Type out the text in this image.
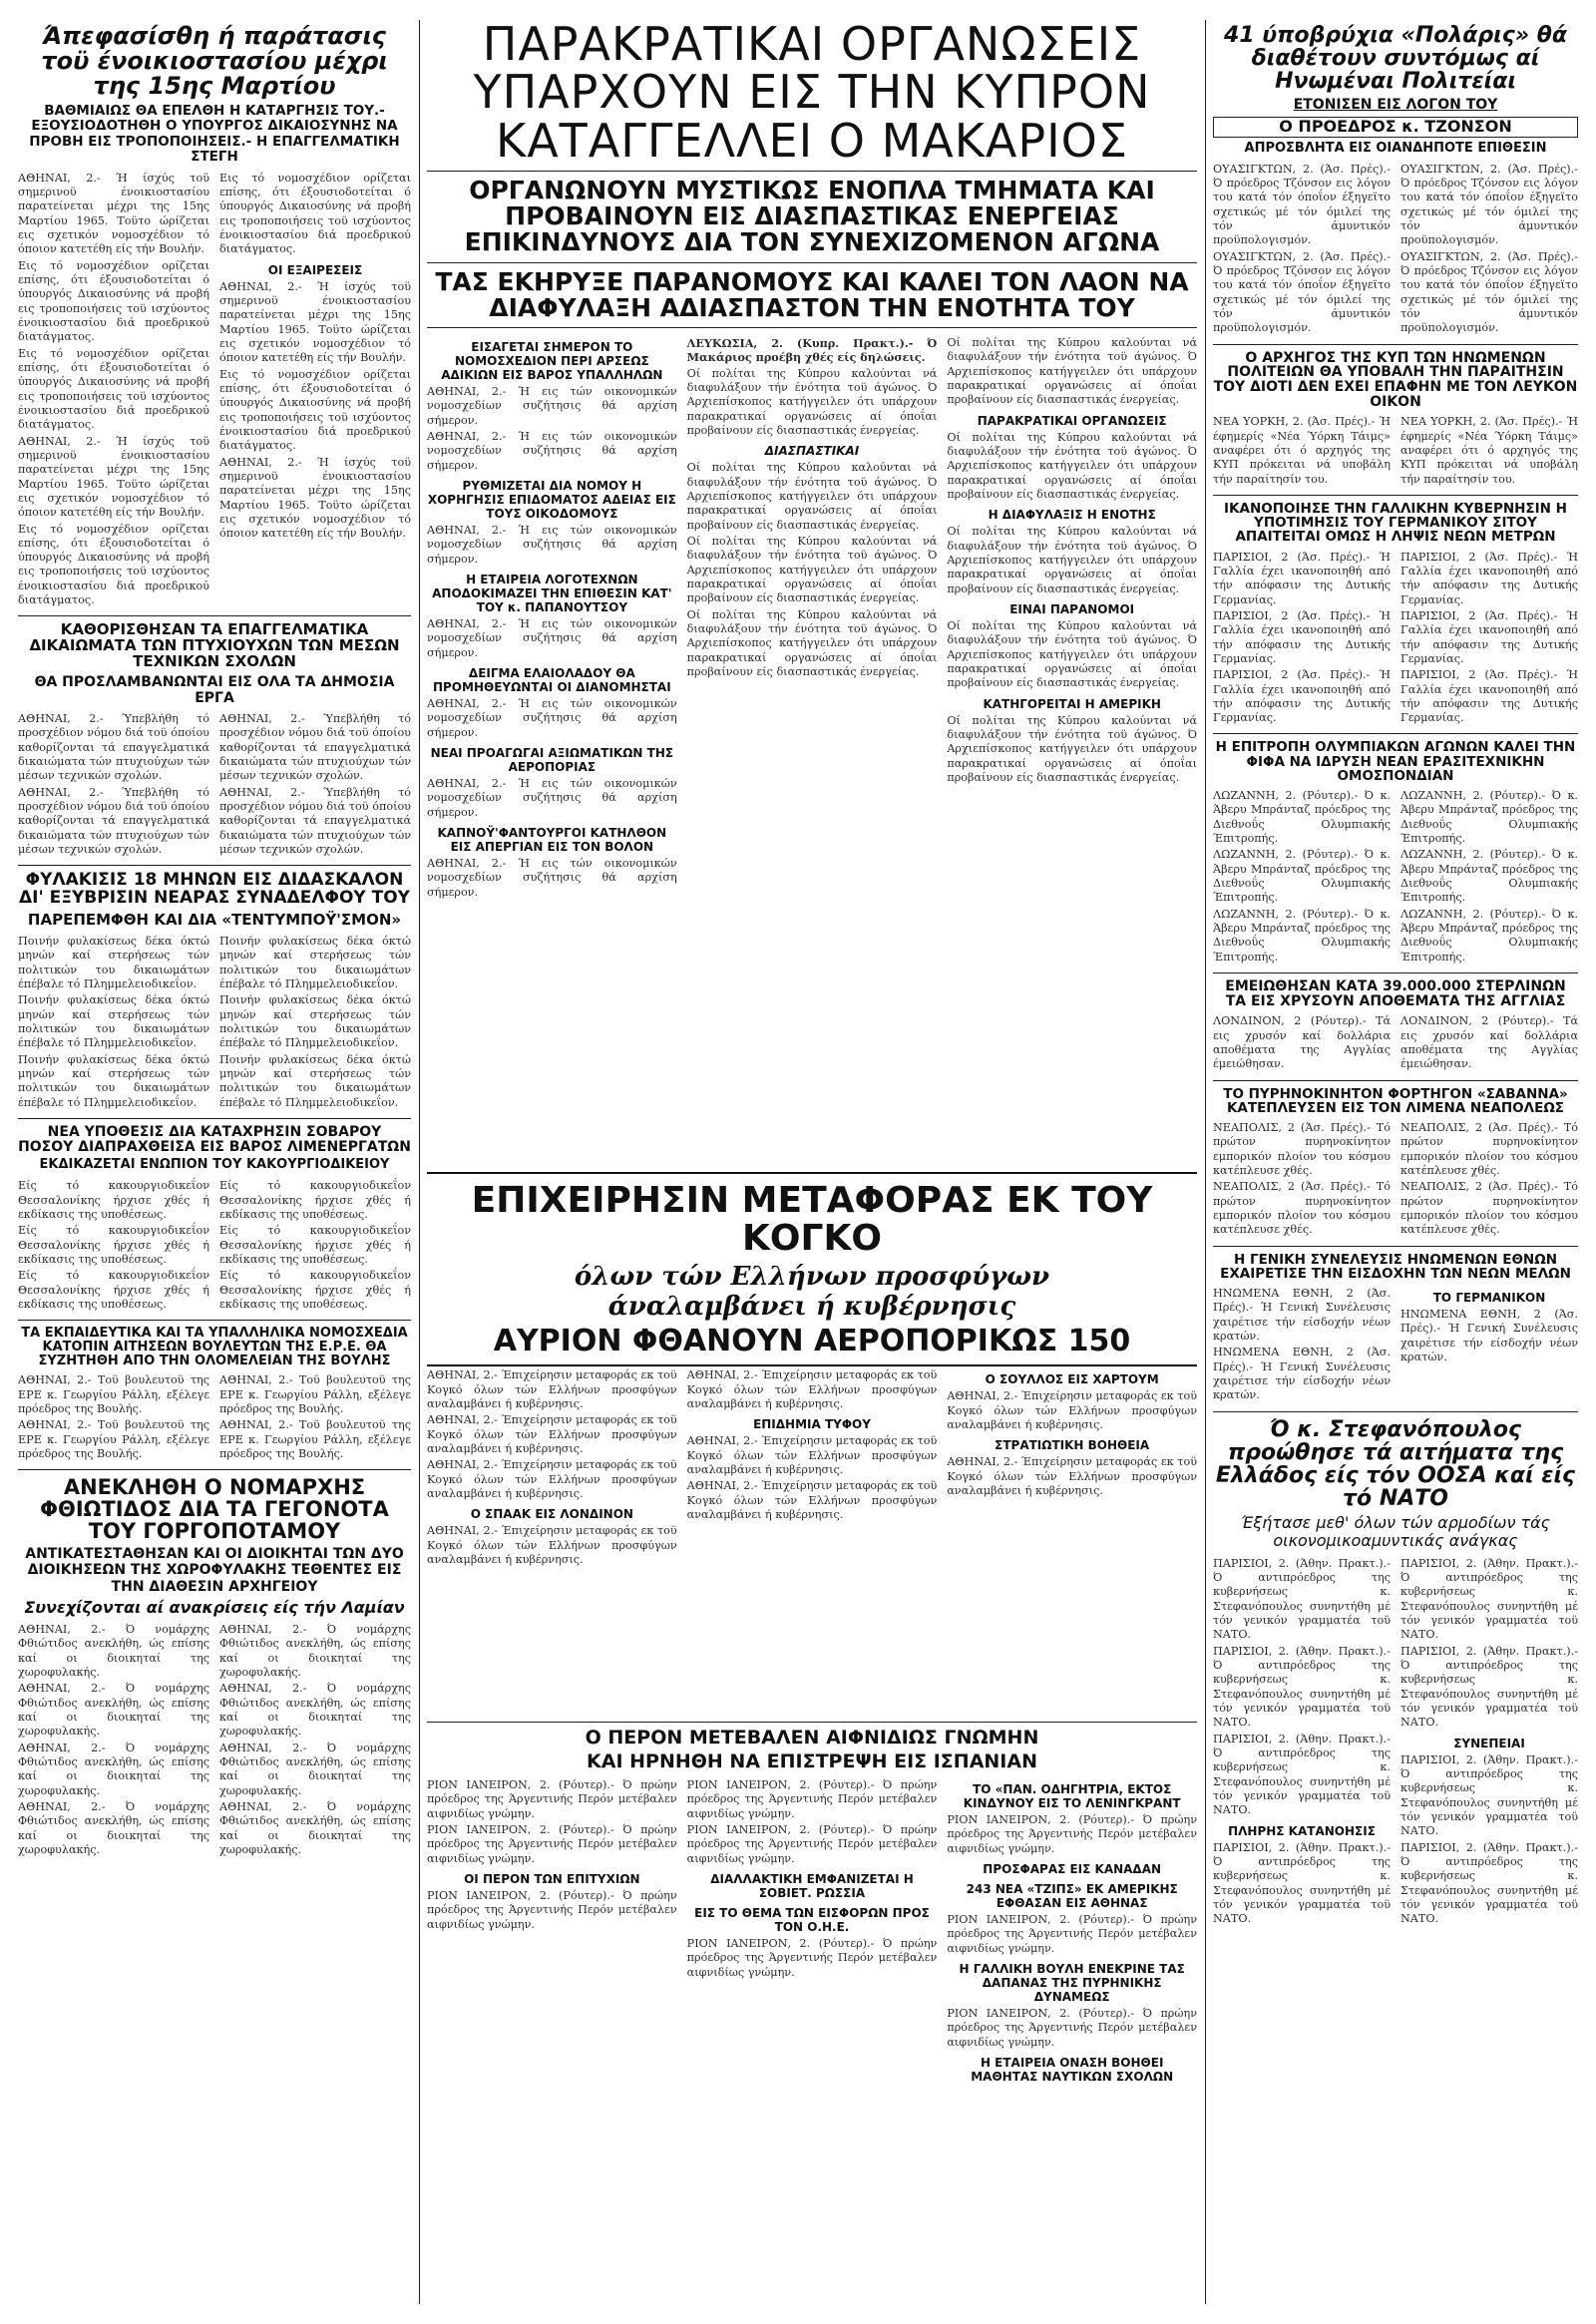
Άπεφασίσθη ή παράτασις τοϋ ένοικιοστασίου μέχρι της 15ης Μαρτίου
ΒΑΘΜΙΑΙΩΣ ΘΑ ΕΠΕΛΘΗ Η ΚΑΤΑΡΓΗΣΙΣ ΤΟΥ.- ΕΞΟΥΣΙΟΔΟΤΗΘΗ Ο ΥΠΟΥΡΓΟΣ ΔΙΚΑΙΟΣΥΝΗΣ ΝΑ ΠΡΟΒΗ ΕΙΣ ΤΡΟΠΟΠΟΙΗΣΕΙΣ.- Η ΕΠΑΓΓΕΛΜΑΤΙΚΗ ΣΤΕΓΗ

ΑΘΗΝΑΙ, 2.- Ή ίσχύς τοϋ σημερινοϋ ένοικιοστασίου παρατείνεται μέχρι της 15ης Μαρτίου 1965. Τοϋτο ώρίζεται εις σχετικόν νομοσχέδιον τό όποιον κατετέθη είς τήν Βουλήν.

Εις τό νομοσχέδιον ορίζεται επίσης, ότι έξουσιοδοτείται ό ύπουργός Δικαιοσύνης νά προβή εις τροποποιήσεις τοϋ ισχύοντος ένοικιοστασίου διά προεδρικού διατάγματος.

Εις τό νομοσχέδιον ορίζεται επίσης, ότι έξουσιοδοτείται ό ύπουργός Δικαιοσύνης νά προβή εις τροποποιήσεις τοϋ ισχύοντος ένοικιοστασίου διά προεδρικού διατάγματος.

ΑΘΗΝΑΙ, 2.- Ή ίσχύς τοϋ σημερινοϋ ένοικιοστασίου παρατείνεται μέχρι της 15ης Μαρτίου 1965. Τοϋτο ώρίζεται εις σχετικόν νομοσχέδιον τό όποιον κατετέθη είς τήν Βουλήν.

Εις τό νομοσχέδιον ορίζεται επίσης, ότι έξουσιοδοτείται ό ύπουργός Δικαιοσύνης νά προβή εις τροποποιήσεις τοϋ ισχύοντος ένοικιοστασίου διά προεδρικού διατάγματος.

Εις τό νομοσχέδιον ορίζεται επίσης, ότι έξουσιοδοτείται ό ύπουργός Δικαιοσύνης νά προβή εις τροποποιήσεις τοϋ ισχύοντος ένοικιοστασίου διά προεδρικού διατάγματος.

ΟΙ ΕΞΑΙΡΕΣΕΙΣ

ΑΘΗΝΑΙ, 2.- Ή ίσχύς τοϋ σημερινοϋ ένοικιοστασίου παρατείνεται μέχρι της 15ης Μαρτίου 1965. Τοϋτο ώρίζεται εις σχετικόν νομοσχέδιον τό όποιον κατετέθη είς τήν Βουλήν.

Εις τό νομοσχέδιον ορίζεται επίσης, ότι έξουσιοδοτείται ό ύπουργός Δικαιοσύνης νά προβή εις τροποποιήσεις τοϋ ισχύοντος ένοικιοστασίου διά προεδρικού διατάγματος.

ΑΘΗΝΑΙ, 2.- Ή ίσχύς τοϋ σημερινοϋ ένοικιοστασίου παρατείνεται μέχρι της 15ης Μαρτίου 1965. Τοϋτο ώρίζεται εις σχετικόν νομοσχέδιον τό όποιον κατετέθη είς τήν Βουλήν.

ΚΑΘΟΡΙΣΘΗΣΑΝ ΤΑ ΕΠΑΓΓΕΛΜΑΤΙΚΑ ΔΙΚΑΙΩΜΑΤΑ ΤΩΝ ΠΤΥΧΙΟΥΧΩΝ ΤΩΝ ΜΕΣΩΝ ΤΕΧΝΙΚΩΝ ΣΧΟΛΩΝ
ΘΑ ΠΡΟΣΛΑΜΒΑΝΩΝΤΑΙ ΕΙΣ ΟΛΑ ΤΑ ΔΗΜΟΣΙΑ ΕΡΓΑ

ΑΘΗΝΑΙ, 2.- Ύπεβλήθη τό προσχέδιον νόμου διά τοϋ όποίου καθορίζονται τά επαγγελματικά δικαιώματα τών πτυχιούχων τών μέσων τεχνικών σχολών.

ΑΘΗΝΑΙ, 2.- Ύπεβλήθη τό προσχέδιον νόμου διά τοϋ όποίου καθορίζονται τά επαγγελματικά δικαιώματα τών πτυχιούχων τών μέσων τεχνικών σχολών.

ΑΘΗΝΑΙ, 2.- Ύπεβλήθη τό προσχέδιον νόμου διά τοϋ όποίου καθορίζονται τά επαγγελματικά δικαιώματα τών πτυχιούχων τών μέσων τεχνικών σχολών.

ΑΘΗΝΑΙ, 2.- Ύπεβλήθη τό προσχέδιον νόμου διά τοϋ όποίου καθορίζονται τά επαγγελματικά δικαιώματα τών πτυχιούχων τών μέσων τεχνικών σχολών.

ΦΥΛΑΚΙΣΙΣ 18 ΜΗΝΩΝ ΕΙΣ ΔΙΔΑΣΚΑΛΟΝ ΔΙ' ΕΞΥΒΡΙΣΙΝ ΝΕΑΡΑΣ ΣΥΝΑΔΕΛΦΟΥ ΤΟΥ
ΠΑΡΕΠΕΜΦΘΗ ΚΑΙ ΔΙΑ «ΤΕΝΤΥΜΠΟΫ'ΣΜΟΝ»

Ποινήν φυλακίσεως δέκα όκτώ μηνών καί στερήσεως τών πολιτικών του δικαιωμάτων έπέβαλε τό Πλημμελειοδικεΐον.

Ποινήν φυλακίσεως δέκα όκτώ μηνών καί στερήσεως τών πολιτικών του δικαιωμάτων έπέβαλε τό Πλημμελειοδικεΐον.

Ποινήν φυλακίσεως δέκα όκτώ μηνών καί στερήσεως τών πολιτικών του δικαιωμάτων έπέβαλε τό Πλημμελειοδικεΐον.

Ποινήν φυλακίσεως δέκα όκτώ μηνών καί στερήσεως τών πολιτικών του δικαιωμάτων έπέβαλε τό Πλημμελειοδικεΐον.

Ποινήν φυλακίσεως δέκα όκτώ μηνών καί στερήσεως τών πολιτικών του δικαιωμάτων έπέβαλε τό Πλημμελειοδικεΐον.

Ποινήν φυλακίσεως δέκα όκτώ μηνών καί στερήσεως τών πολιτικών του δικαιωμάτων έπέβαλε τό Πλημμελειοδικεΐον.

ΝΕΑ ΥΠΟΘΕΣΙΣ ΔΙΑ ΚΑΤΑΧΡΗΣΙΝ ΣΟΒΑΡΟΥ ΠΟΣΟΥ ΔΙΑΠΡΑΧΘΕΙΣΑ ΕΙΣ ΒΑΡΟΣ ΛΙΜΕΝΕΡΓΑΤΩΝ
ΕΚΔΙΚΑΖΕΤΑΙ ΕΝΩΠΙΟΝ ΤΟΥ ΚΑΚΟΥΡΓΙΟΔΙΚΕΙΟΥ

Είς τό κακουργιοδικεΐον Θεσσαλονίκης ήρχισε χθές ή εκδίκασις της υποθέσεως.

Είς τό κακουργιοδικεΐον Θεσσαλονίκης ήρχισε χθές ή εκδίκασις της υποθέσεως.

Είς τό κακουργιοδικεΐον Θεσσαλονίκης ήρχισε χθές ή εκδίκασις της υποθέσεως.

Είς τό κακουργιοδικεΐον Θεσσαλονίκης ήρχισε χθές ή εκδίκασις της υποθέσεως.

Είς τό κακουργιοδικεΐον Θεσσαλονίκης ήρχισε χθές ή εκδίκασις της υποθέσεως.

Είς τό κακουργιοδικεΐον Θεσσαλονίκης ήρχισε χθές ή εκδίκασις της υποθέσεως.

ΤΑ ΕΚΠΑΙΔΕΥΤΙΚΑ ΚΑΙ ΤΑ ΥΠΑΛΛΗΛΙΚΑ ΝΟΜΟΣΧΕΔΙΑ ΚΑΤΟΠΙΝ ΑΙΤΗΣΕΩΝ ΒΟΥΛΕΥΤΩΝ ΤΗΣ Ε.Ρ.Ε. ΘΑ ΣΥΖΗΤΗΘΗ ΑΠΟ ΤΗΝ ΟΛΟΜΕΛΕΙΑΝ ΤΗΣ ΒΟΥΛΗΣ

ΑΘΗΝΑΙ, 2.- Τοϋ βουλευτοϋ της ΕΡΕ κ. Γεωργίου Ράλλη, εξέλεγε πρόεδρος της Βουλής.

ΑΘΗΝΑΙ, 2.- Τοϋ βουλευτοϋ της ΕΡΕ κ. Γεωργίου Ράλλη, εξέλεγε πρόεδρος της Βουλής.

ΑΘΗΝΑΙ, 2.- Τοϋ βουλευτοϋ της ΕΡΕ κ. Γεωργίου Ράλλη, εξέλεγε πρόεδρος της Βουλής.

ΑΘΗΝΑΙ, 2.- Τοϋ βουλευτοϋ της ΕΡΕ κ. Γεωργίου Ράλλη, εξέλεγε πρόεδρος της Βουλής.

ΑΝΕΚΛΗΘΗ Ο ΝΟΜΑΡΧΗΣ ΦΘΙΩΤΙΔΟΣ ΔΙΑ ΤΑ ΓΕΓΟΝΟΤΑ ΤΟΥ ΓΟΡΓΟΠΟΤΑΜΟΥ
ΑΝΤΙΚΑΤΕΣΤΑΘΗΣΑΝ ΚΑΙ ΟΙ ΔΙΟΙΚΗΤΑΙ ΤΩΝ ΔΥΟ ΔΙΟΙΚΗΣΕΩΝ ΤΗΣ ΧΩΡΟΦΥΛΑΚΗΣ ΤΕΘΕΝΤΕΣ ΕΙΣ ΤΗΝ ΔΙΑΘΕΣΙΝ ΑΡΧΗΓΕΙΟΥ
Συνεχίζονται αί ανακρίσεις είς τήν Λαμίαν

ΑΘΗΝΑΙ, 2.- Ό νομάρχης Φθιώτιδος ανεκλήθη, ώς επίσης καί οι διοικηταί της χωροφυλακής.

ΑΘΗΝΑΙ, 2.- Ό νομάρχης Φθιώτιδος ανεκλήθη, ώς επίσης καί οι διοικηταί της χωροφυλακής.

ΑΘΗΝΑΙ, 2.- Ό νομάρχης Φθιώτιδος ανεκλήθη, ώς επίσης καί οι διοικηταί της χωροφυλακής.

ΑΘΗΝΑΙ, 2.- Ό νομάρχης Φθιώτιδος ανεκλήθη, ώς επίσης καί οι διοικηταί της χωροφυλακής.

ΑΘΗΝΑΙ, 2.- Ό νομάρχης Φθιώτιδος ανεκλήθη, ώς επίσης καί οι διοικηταί της χωροφυλακής.

ΑΘΗΝΑΙ, 2.- Ό νομάρχης Φθιώτιδος ανεκλήθη, ώς επίσης καί οι διοικηταί της χωροφυλακής.

ΑΘΗΝΑΙ, 2.- Ό νομάρχης Φθιώτιδος ανεκλήθη, ώς επίσης καί οι διοικηταί της χωροφυλακής.

ΑΘΗΝΑΙ, 2.- Ό νομάρχης Φθιώτιδος ανεκλήθη, ώς επίσης καί οι διοικηταί της χωροφυλακής.

ΠΑΡΑΚΡΑΤΙΚΑΙ ΟΡΓΑΝΩΣΕΙΣ
ΥΠΑΡΧΟΥΝ ΕΙΣ ΤΗΝ ΚΥΠΡΟΝ
ΚΑΤΑΓΓΕΛΛΕΙ Ο ΜΑΚΑΡΙΟΣ
ΟΡΓΑΝΩΝΟΥΝ ΜΥΣΤΙΚΩΣ ΕΝΟΠΛΑ ΤΜΗΜΑΤΑ ΚΑΙ ΠΡΟΒΑΙΝΟΥΝ ΕΙΣ ΔΙΑΣΠΑΣΤΙΚΑΣ ΕΝΕΡΓΕΙΑΣ ΕΠΙΚΙΝΔΥΝΟΥΣ ΔΙΑ ΤΟΝ ΣΥΝΕΧΙΖΟΜΕΝΟΝ ΑΓΩΝΑ
ΤΑΣ ΕΚΗΡΥΞΕ ΠΑΡΑΝΟΜΟΥΣ ΚΑΙ ΚΑΛΕΙ ΤΟΝ ΛΑΟΝ ΝΑ ΔΙΑΦΥΛΑΞΗ ΑΔΙΑΣΠΑΣΤΟΝ ΤΗΝ ΕΝΟΤΗΤΑ ΤΟΥ
ΕΙΣΑΓΕΤΑΙ ΣΗΜΕΡΟΝ ΤΟ ΝΟΜΟΣΧΕΔΙΟΝ ΠΕΡΙ ΑΡΣΕΩΣ ΑΔΙΚΙΩΝ ΕΙΣ ΒΑΡΟΣ ΥΠΑΛΛΗΛΩΝ

ΑΘΗΝΑΙ, 2.- Ή εις τών οικονομικών νομοσχεδίων συζήτησις θά αρχίση σήμερον.

ΑΘΗΝΑΙ, 2.- Ή εις τών οικονομικών νομοσχεδίων συζήτησις θά αρχίση σήμερον.

ΡΥΘΜΙΖΕΤΑΙ ΔΙΑ ΝΟΜΟΥ Η ΧΟΡΗΓΗΣΙΣ ΕΠΙΔΟΜΑΤΟΣ ΑΔΕΙΑΣ ΕΙΣ ΤΟΥΣ ΟΙΚΟΔΟΜΟΥΣ

ΑΘΗΝΑΙ, 2.- Ή εις τών οικονομικών νομοσχεδίων συζήτησις θά αρχίση σήμερον.

Η ΕΤΑΙΡΕΙΑ ΛΟΓΟΤΕΧΝΩΝ ΑΠΟΔΟΚΙΜΑΖΕΙ ΤΗΝ ΕΠΙΘΕΣΙΝ ΚΑΤ' ΤΟΥ κ. ΠΑΠΑΝΟΥΤΣΟΥ

ΑΘΗΝΑΙ, 2.- Ή εις τών οικονομικών νομοσχεδίων συζήτησις θά αρχίση σήμερον.

ΔΕΙΓΜΑ ΕΛΑΙΟΛΑΔΟΥ ΘΑ ΠΡΟΜΗΘΕΥΩΝΤΑΙ ΟΙ ΔΙΑΝΟΜΗΣΤΑΙ

ΑΘΗΝΑΙ, 2.- Ή εις τών οικονομικών νομοσχεδίων συζήτησις θά αρχίση σήμερον.

ΝΕΑΙ ΠΡΟΑΓΩΓΑΙ ΑΞΙΩΜΑΤΙΚΩΝ ΤΗΣ ΑΕΡΟΠΟΡΙΑΣ

ΑΘΗΝΑΙ, 2.- Ή εις τών οικονομικών νομοσχεδίων συζήτησις θά αρχίση σήμερον.

ΚΑΠΝΟΫ'ΦΑΝΤΟΥΡΓΟΙ ΚΑΤΗΛΘΟΝ ΕΙΣ ΑΠΕΡΓΙΑΝ ΕΙΣ ΤΟΝ ΒΟΛΟΝ

ΑΘΗΝΑΙ, 2.- Ή εις τών οικονομικών νομοσχεδίων συζήτησις θά αρχίση σήμερον.

ΛΕΥΚΩΣΙΑ, 2. (Κυπρ. Πρακτ.).- Ό Μακάριος προέβη χθές είς δηλώσεις.

Οί πολίται της Κύπρου καλούνται νά διαφυλάξουν τήν ένότητα τοϋ άγώνος. Ό Αρχιεπίσκοπος κατήγγειλεν ότι υπάρχουν παρακρατικαί οργανώσεις αί όποΐαι προβαίνουν είς διασπαστικάς ένεργείας.

ΔΙΑΣΠΑΣΤΙΚΑΙ

Οί πολίται της Κύπρου καλούνται νά διαφυλάξουν τήν ένότητα τοϋ άγώνος. Ό Αρχιεπίσκοπος κατήγγειλεν ότι υπάρχουν παρακρατικαί οργανώσεις αί όποΐαι προβαίνουν είς διασπαστικάς ένεργείας.

Οί πολίται της Κύπρου καλούνται νά διαφυλάξουν τήν ένότητα τοϋ άγώνος. Ό Αρχιεπίσκοπος κατήγγειλεν ότι υπάρχουν παρακρατικαί οργανώσεις αί όποΐαι προβαίνουν είς διασπαστικάς ένεργείας.

Οί πολίται της Κύπρου καλούνται νά διαφυλάξουν τήν ένότητα τοϋ άγώνος. Ό Αρχιεπίσκοπος κατήγγειλεν ότι υπάρχουν παρακρατικαί οργανώσεις αί όποΐαι προβαίνουν είς διασπαστικάς ένεργείας.

Οί πολίται της Κύπρου καλούνται νά διαφυλάξουν τήν ένότητα τοϋ άγώνος. Ό Αρχιεπίσκοπος κατήγγειλεν ότι υπάρχουν παρακρατικαί οργανώσεις αί όποΐαι προβαίνουν είς διασπαστικάς ένεργείας.

ΠΑΡΑΚΡΑΤΙΚΑΙ ΟΡΓΑΝΩΣΕΙΣ

Οί πολίται της Κύπρου καλούνται νά διαφυλάξουν τήν ένότητα τοϋ άγώνος. Ό Αρχιεπίσκοπος κατήγγειλεν ότι υπάρχουν παρακρατικαί οργανώσεις αί όποΐαι προβαίνουν είς διασπαστικάς ένεργείας.

Η ΔΙΑΦΥΛΑΞΙΣ Η ΕΝΟΤΗΣ

Οί πολίται της Κύπρου καλούνται νά διαφυλάξουν τήν ένότητα τοϋ άγώνος. Ό Αρχιεπίσκοπος κατήγγειλεν ότι υπάρχουν παρακρατικαί οργανώσεις αί όποΐαι προβαίνουν είς διασπαστικάς ένεργείας.

ΕΙΝΑΙ ΠΑΡΑΝΟΜΟΙ

Οί πολίται της Κύπρου καλούνται νά διαφυλάξουν τήν ένότητα τοϋ άγώνος. Ό Αρχιεπίσκοπος κατήγγειλεν ότι υπάρχουν παρακρατικαί οργανώσεις αί όποΐαι προβαίνουν είς διασπαστικάς ένεργείας.

ΚΑΤΗΓΟΡΕΙΤΑΙ Η ΑΜΕΡΙΚΗ

Οί πολίται της Κύπρου καλούνται νά διαφυλάξουν τήν ένότητα τοϋ άγώνος. Ό Αρχιεπίσκοπος κατήγγειλεν ότι υπάρχουν παρακρατικαί οργανώσεις αί όποΐαι προβαίνουν είς διασπαστικάς ένεργείας.

ΕΠΙΧΕΙΡΗΣΙΝ ΜΕΤΑΦΟΡΑΣ ΕΚ ΤΟΥ ΚΟΓΚΟ
όλων τών Ελλήνων προσφύγων
άναλαμβάνει ή κυβέρνησις
ΑΥΡΙΟΝ ΦΘΑΝΟΥΝ ΑΕΡΟΠΟΡΙΚΩΣ 150

ΑΘΗΝΑΙ, 2.- Έπιχείρησιν μεταφοράς εκ τοϋ Κογκό όλων τών Ελλήνων προσφύγων αναλαμβάνει ή κυβέρνησις.

ΑΘΗΝΑΙ, 2.- Έπιχείρησιν μεταφοράς εκ τοϋ Κογκό όλων τών Ελλήνων προσφύγων αναλαμβάνει ή κυβέρνησις.

ΑΘΗΝΑΙ, 2.- Έπιχείρησιν μεταφοράς εκ τοϋ Κογκό όλων τών Ελλήνων προσφύγων αναλαμβάνει ή κυβέρνησις.

Ο ΣΠΑΑΚ ΕΙΣ ΛΟΝΔΙΝΟΝ

ΑΘΗΝΑΙ, 2.- Έπιχείρησιν μεταφοράς εκ τοϋ Κογκό όλων τών Ελλήνων προσφύγων αναλαμβάνει ή κυβέρνησις.

ΑΘΗΝΑΙ, 2.- Έπιχείρησιν μεταφοράς εκ τοϋ Κογκό όλων τών Ελλήνων προσφύγων αναλαμβάνει ή κυβέρνησις.

ΕΠΙΔΗΜΙΑ ΤΥΦΟΥ

ΑΘΗΝΑΙ, 2.- Έπιχείρησιν μεταφοράς εκ τοϋ Κογκό όλων τών Ελλήνων προσφύγων αναλαμβάνει ή κυβέρνησις.

ΑΘΗΝΑΙ, 2.- Έπιχείρησιν μεταφοράς εκ τοϋ Κογκό όλων τών Ελλήνων προσφύγων αναλαμβάνει ή κυβέρνησις.

Ο ΣΟΥΛΛΟΣ ΕΙΣ ΧΑΡΤΟΥΜ

ΑΘΗΝΑΙ, 2.- Έπιχείρησιν μεταφοράς εκ τοϋ Κογκό όλων τών Ελλήνων προσφύγων αναλαμβάνει ή κυβέρνησις.

ΣΤΡΑΤΙΩΤΙΚΗ ΒΟΗΘΕΙΑ

ΑΘΗΝΑΙ, 2.- Έπιχείρησιν μεταφοράς εκ τοϋ Κογκό όλων τών Ελλήνων προσφύγων αναλαμβάνει ή κυβέρνησις.

Ο ΠΕΡΟΝ ΜΕΤΕΒΑΛΕΝ ΑΙΦΝΙΔΙΩΣ ΓΝΩΜΗΝ
ΚΑΙ ΗΡΝΗΘΗ ΝΑ ΕΠΙΣΤΡΕΨΗ ΕΙΣ ΙΣΠΑΝΙΑΝ

ΡΙΟΝ ΙΑΝΕΙΡΟΝ, 2. (Ρόυτερ).- Ό πρώην πρόεδρος της Άργεντινής Περόν μετέβαλεν αιφνιδίως γνώμην.

ΡΙΟΝ ΙΑΝΕΙΡΟΝ, 2. (Ρόυτερ).- Ό πρώην πρόεδρος της Άργεντινής Περόν μετέβαλεν αιφνιδίως γνώμην.

ΟΙ ΠΕΡΟΝ ΤΩΝ ΕΠΙΤΥΧΙΩΝ

ΡΙΟΝ ΙΑΝΕΙΡΟΝ, 2. (Ρόυτερ).- Ό πρώην πρόεδρος της Άργεντινής Περόν μετέβαλεν αιφνιδίως γνώμην.

ΡΙΟΝ ΙΑΝΕΙΡΟΝ, 2. (Ρόυτερ).- Ό πρώην πρόεδρος της Άργεντινής Περόν μετέβαλεν αιφνιδίως γνώμην.

ΡΙΟΝ ΙΑΝΕΙΡΟΝ, 2. (Ρόυτερ).- Ό πρώην πρόεδρος της Άργεντινής Περόν μετέβαλεν αιφνιδίως γνώμην.

ΔΙΑΛΛΑΚΤΙΚΗ ΕΜΦΑΝΙΖΕΤΑΙ Η ΣΟΒΙΕΤ. ΡΩΣΣΙΑ
ΕΙΣ ΤΟ ΘΕΜΑ ΤΩΝ ΕΙΣΦΟΡΩΝ ΠΡΟΣ ΤΟΝ Ο.Η.Ε.

ΡΙΟΝ ΙΑΝΕΙΡΟΝ, 2. (Ρόυτερ).- Ό πρώην πρόεδρος της Άργεντινής Περόν μετέβαλεν αιφνιδίως γνώμην.

ΤΟ «ΠΑΝ. ΟΔΗΓΗΤΡΙΑ, ΕΚΤΟΣ ΚΙΝΔΥΝΟΥ ΕΙΣ ΤΟ ΛΕΝΙΝΓΚΡΑΝΤ

ΡΙΟΝ ΙΑΝΕΙΡΟΝ, 2. (Ρόυτερ).- Ό πρώην πρόεδρος της Άργεντινής Περόν μετέβαλεν αιφνιδίως γνώμην.

ΠΡΟΣΦΑΡΑΣ ΕΙΣ ΚΑΝΑΔΑΝ
243 ΝΕΑ «ΤΖΙΠΣ» ΕΚ ΑΜΕΡΙΚΗΣ ΕΦΘΑΣΑΝ ΕΙΣ ΑΘΗΝΑΣ

ΡΙΟΝ ΙΑΝΕΙΡΟΝ, 2. (Ρόυτερ).- Ό πρώην πρόεδρος της Άργεντινής Περόν μετέβαλεν αιφνιδίως γνώμην.

Η ΓΑΛΛΙΚΗ ΒΟΥΛΗ ΕΝΕΚΡΙΝΕ ΤΑΣ ΔΑΠΑΝΑΣ ΤΗΣ ΠΥΡΗΝΙΚΗΣ ΔΥΝΑΜΕΩΣ

ΡΙΟΝ ΙΑΝΕΙΡΟΝ, 2. (Ρόυτερ).- Ό πρώην πρόεδρος της Άργεντινής Περόν μετέβαλεν αιφνιδίως γνώμην.

Η ΕΤΑΙΡΕΙΑ ΟΝΑΣΗ ΒΟΗΘΕΙ ΜΑΘΗΤΑΣ ΝΑΥΤΙΚΩΝ ΣΧΟΛΩΝ
41 ύποβρύχια «Πολάρις» θά διαθέτουν συντόμως αί Ηνωμέναι Πολιτείαι
ΕΤΟΝΙΣΕΝ ΕΙΣ ΛΟΓΟΝ ΤΟΥ
Ο ΠΡΟΕΔΡΟΣ κ. ΤΖΟΝΣΟΝ
ΑΠΡΟΣΒΛΗΤΑ ΕΙΣ ΟΙΑΝΔΗΠΟΤΕ ΕΠΙΘΕΣΙΝ

ΟΥΑΣΙΓΚΤΩΝ, 2. (Άσ. Πρές).- Ό πρόεδρος Τζόνσον εις λόγον του κατά τόν όποΐον έξηγεϊτο σχετικώς μέ τόν όμιλεί της τόν άμυντικόν προϋπολογισμόν.

ΟΥΑΣΙΓΚΤΩΝ, 2. (Άσ. Πρές).- Ό πρόεδρος Τζόνσον εις λόγον του κατά τόν όποΐον έξηγεϊτο σχετικώς μέ τόν όμιλεί της τόν άμυντικόν προϋπολογισμόν.

ΟΥΑΣΙΓΚΤΩΝ, 2. (Άσ. Πρές).- Ό πρόεδρος Τζόνσον εις λόγον του κατά τόν όποΐον έξηγεϊτο σχετικώς μέ τόν όμιλεί της τόν άμυντικόν προϋπολογισμόν.

ΟΥΑΣΙΓΚΤΩΝ, 2. (Άσ. Πρές).- Ό πρόεδρος Τζόνσον εις λόγον του κατά τόν όποΐον έξηγεϊτο σχετικώς μέ τόν όμιλεί της τόν άμυντικόν προϋπολογισμόν.

Ο ΑΡΧΗΓΟΣ ΤΗΣ ΚΥΠ ΤΩΝ ΗΝΩΜΕΝΩΝ ΠΟΛΙΤΕΙΩΝ ΘΑ ΥΠΟΒΑΛΗ ΤΗΝ ΠΑΡΑΙΤΗΣΙΝ ΤΟΥ ΔΙΟΤΙ ΔΕΝ ΕΧΕΙ ΕΠΑΦΗΝ ΜΕ ΤΟΝ ΛΕΥΚΟΝ ΟΙΚΟΝ

ΝΕΑ ΥΟΡΚΗ, 2. (Άσ. Πρές).- Ή έφημερίς «Νέα Ύόρκη Τάιμς» αναφέρει ότι ό αρχηγός της ΚΥΠ πρόκειται νά υποβάλη τήν παραίτησίν του.

ΝΕΑ ΥΟΡΚΗ, 2. (Άσ. Πρές).- Ή έφημερίς «Νέα Ύόρκη Τάιμς» αναφέρει ότι ό αρχηγός της ΚΥΠ πρόκειται νά υποβάλη τήν παραίτησίν του.

ΙΚΑΝΟΠΟΙΗΣΕ ΤΗΝ ΓΑΛΛΙΚΗΝ ΚΥΒΕΡΝΗΣΙΝ Η ΥΠΟΤΙΜΗΣΙΣ ΤΟΥ ΓΕΡΜΑΝΙΚΟΥ ΣΙΤΟΥ ΑΠΑΙΤΕΙΤΑΙ ΟΜΩΣ Η ΛΗΨΙΣ ΝΕΩΝ ΜΕΤΡΩΝ

ΠΑΡΙΣΙΟΙ, 2 (Άσ. Πρές).- Ή Γαλλία έχει ικανοποιηθή από τήν απόφασιν της Δυτικής Γερμανίας.

ΠΑΡΙΣΙΟΙ, 2 (Άσ. Πρές).- Ή Γαλλία έχει ικανοποιηθή από τήν απόφασιν της Δυτικής Γερμανίας.

ΠΑΡΙΣΙΟΙ, 2 (Άσ. Πρές).- Ή Γαλλία έχει ικανοποιηθή από τήν απόφασιν της Δυτικής Γερμανίας.

ΠΑΡΙΣΙΟΙ, 2 (Άσ. Πρές).- Ή Γαλλία έχει ικανοποιηθή από τήν απόφασιν της Δυτικής Γερμανίας.

ΠΑΡΙΣΙΟΙ, 2 (Άσ. Πρές).- Ή Γαλλία έχει ικανοποιηθή από τήν απόφασιν της Δυτικής Γερμανίας.

ΠΑΡΙΣΙΟΙ, 2 (Άσ. Πρές).- Ή Γαλλία έχει ικανοποιηθή από τήν απόφασιν της Δυτικής Γερμανίας.

Η ΕΠΙΤΡΟΠΗ ΟΛΥΜΠΙΑΚΩΝ ΑΓΩΝΩΝ ΚΑΛΕΙ ΤΗΝ ΦΙΦΑ ΝΑ ΙΔΡΥΣΗ ΝΕΑΝ ΕΡΑΣΙΤΕΧΝΙΚΗΝ ΟΜΟΣΠΟΝΔΙΑΝ

ΛΩΖΑΝΝΗ, 2. (Ρόυτερ).- Ό κ. Άβερυ Μπράνταζ πρόεδρος της Διεθνοΰς Ολυμπιακής Έπιτροπής.

ΛΩΖΑΝΝΗ, 2. (Ρόυτερ).- Ό κ. Άβερυ Μπράνταζ πρόεδρος της Διεθνοΰς Ολυμπιακής Έπιτροπής.

ΛΩΖΑΝΝΗ, 2. (Ρόυτερ).- Ό κ. Άβερυ Μπράνταζ πρόεδρος της Διεθνοΰς Ολυμπιακής Έπιτροπής.

ΛΩΖΑΝΝΗ, 2. (Ρόυτερ).- Ό κ. Άβερυ Μπράνταζ πρόεδρος της Διεθνοΰς Ολυμπιακής Έπιτροπής.

ΛΩΖΑΝΝΗ, 2. (Ρόυτερ).- Ό κ. Άβερυ Μπράνταζ πρόεδρος της Διεθνοΰς Ολυμπιακής Έπιτροπής.

ΛΩΖΑΝΝΗ, 2. (Ρόυτερ).- Ό κ. Άβερυ Μπράνταζ πρόεδρος της Διεθνοΰς Ολυμπιακής Έπιτροπής.

ΕΜΕΙΩΘΗΣΑΝ ΚΑΤΑ 39.000.000 ΣΤΕΡΛΙΝΩΝ ΤΑ ΕΙΣ ΧΡΥΣΟΥΝ ΑΠΟΘΕΜΑΤΑ ΤΗΣ ΑΓΓΛΙΑΣ

ΛΟΝΔΙΝΟΝ, 2 (Ρόυτερ).- Τά εις χρυσόν καί δολλάρια αποθέματα της Αγγλίας έμειώθησαν.

ΛΟΝΔΙΝΟΝ, 2 (Ρόυτερ).- Τά εις χρυσόν καί δολλάρια αποθέματα της Αγγλίας έμειώθησαν.

ΤΟ ΠΥΡΗΝΟΚΙΝΗΤΟΝ ΦΟΡΤΗΓΟΝ «ΣΑΒΑΝΝΑ» ΚΑΤΕΠΛΕΥΣΕΝ ΕΙΣ ΤΟΝ ΛΙΜΕΝΑ ΝΕΑΠΟΛΕΩΣ

ΝΕΑΠΟΛΙΣ, 2 (Άσ. Πρές).- Τό πρώτον πυρηνοκίνητον εμπορικόν πλοίον του κόσμου κατέπλευσε χθές.

ΝΕΑΠΟΛΙΣ, 2 (Άσ. Πρές).- Τό πρώτον πυρηνοκίνητον εμπορικόν πλοίον του κόσμου κατέπλευσε χθές.

ΝΕΑΠΟΛΙΣ, 2 (Άσ. Πρές).- Τό πρώτον πυρηνοκίνητον εμπορικόν πλοίον του κόσμου κατέπλευσε χθές.

ΝΕΑΠΟΛΙΣ, 2 (Άσ. Πρές).- Τό πρώτον πυρηνοκίνητον εμπορικόν πλοίον του κόσμου κατέπλευσε χθές.

Η ΓΕΝΙΚΗ ΣΥΝΕΛΕΥΣΙΣ ΗΝΩΜΕΝΩΝ ΕΘΝΩΝ ΕΧΑΙΡΕΤΙΣΕ ΤΗΝ ΕΙΣΔΟΧΗΝ ΤΩΝ ΝΕΩΝ ΜΕΛΩΝ

ΗΝΩΜΕΝΑ ΕΘΝΗ, 2 (Άσ. Πρές).- Ή Γενική Συνέλευσις χαιρέτισε τήν είσδοχήν νέων κρατών.

ΗΝΩΜΕΝΑ ΕΘΝΗ, 2 (Άσ. Πρές).- Ή Γενική Συνέλευσις χαιρέτισε τήν είσδοχήν νέων κρατών.

ΤΟ ΓΕΡΜΑΝΙΚΟΝ

ΗΝΩΜΕΝΑ ΕΘΝΗ, 2 (Άσ. Πρές).- Ή Γενική Συνέλευσις χαιρέτισε τήν είσδοχήν νέων κρατών.

Ό κ. Στεφανόπουλος προώθησε τά αιτήματα της Ελλάδος είς τόν ΟΟΣΑ καί είς τό ΝΑΤΟ
Έξήτασε μεθ' όλων τών αρμοδίων τάς οικονομικοαμυντικάς ανάγκας

ΠΑΡΙΣΙΟΙ, 2. (Άθην. Πρακτ.).- Ό αντιπρόεδρος της κυβερνήσεως κ. Στεφανόπουλος συνηντήθη μέ τόν γενικόν γραμματέα τοϋ ΝΑΤΟ.

ΠΑΡΙΣΙΟΙ, 2. (Άθην. Πρακτ.).- Ό αντιπρόεδρος της κυβερνήσεως κ. Στεφανόπουλος συνηντήθη μέ τόν γενικόν γραμματέα τοϋ ΝΑΤΟ.

ΠΑΡΙΣΙΟΙ, 2. (Άθην. Πρακτ.).- Ό αντιπρόεδρος της κυβερνήσεως κ. Στεφανόπουλος συνηντήθη μέ τόν γενικόν γραμματέα τοϋ ΝΑΤΟ.

ΠΛΗΡΗΣ ΚΑΤΑΝΟΗΣΙΣ

ΠΑΡΙΣΙΟΙ, 2. (Άθην. Πρακτ.).- Ό αντιπρόεδρος της κυβερνήσεως κ. Στεφανόπουλος συνηντήθη μέ τόν γενικόν γραμματέα τοϋ ΝΑΤΟ.

ΠΑΡΙΣΙΟΙ, 2. (Άθην. Πρακτ.).- Ό αντιπρόεδρος της κυβερνήσεως κ. Στεφανόπουλος συνηντήθη μέ τόν γενικόν γραμματέα τοϋ ΝΑΤΟ.

ΠΑΡΙΣΙΟΙ, 2. (Άθην. Πρακτ.).- Ό αντιπρόεδρος της κυβερνήσεως κ. Στεφανόπουλος συνηντήθη μέ τόν γενικόν γραμματέα τοϋ ΝΑΤΟ.

ΣΥΝΕΠΕΙΑΙ

ΠΑΡΙΣΙΟΙ, 2. (Άθην. Πρακτ.).- Ό αντιπρόεδρος της κυβερνήσεως κ. Στεφανόπουλος συνηντήθη μέ τόν γενικόν γραμματέα τοϋ ΝΑΤΟ.

ΠΑΡΙΣΙΟΙ, 2. (Άθην. Πρακτ.).- Ό αντιπρόεδρος της κυβερνήσεως κ. Στεφανόπουλος συνηντήθη μέ τόν γενικόν γραμματέα τοϋ ΝΑΤΟ.
